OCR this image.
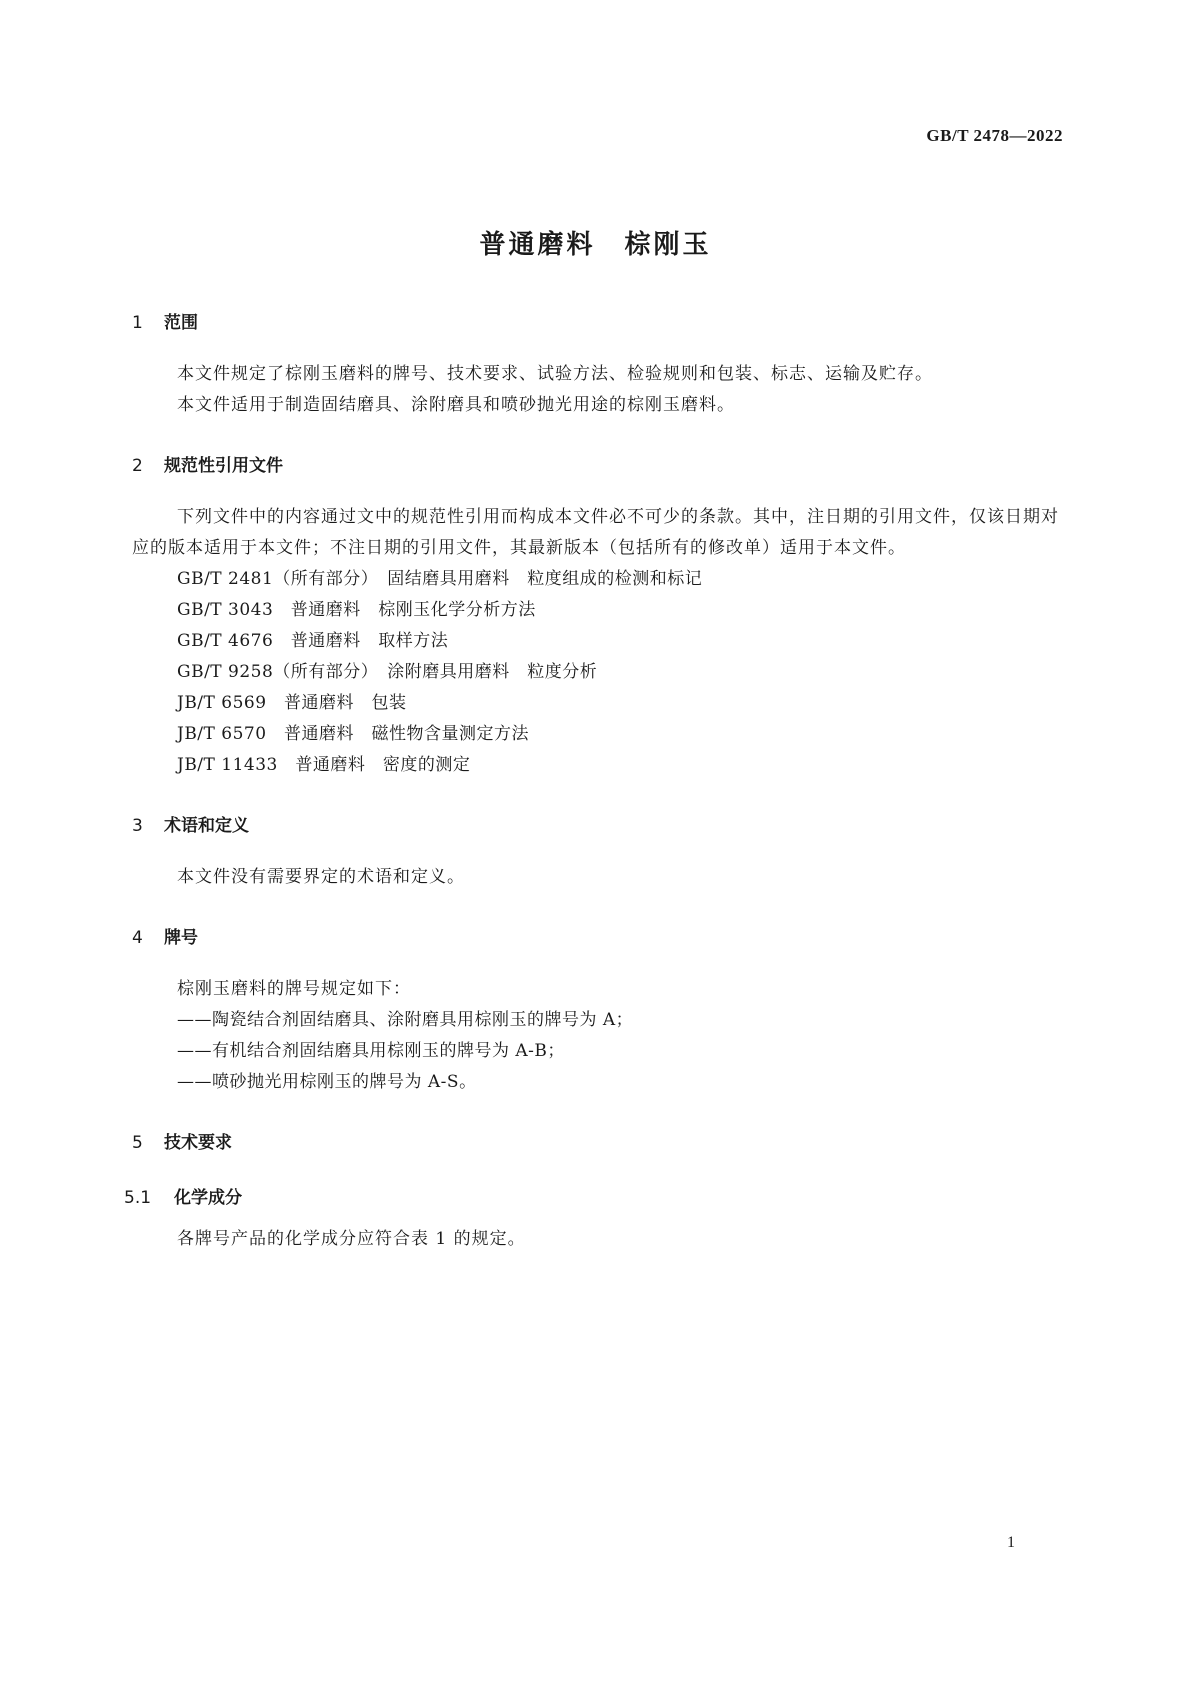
GB/T 2478—2022
普通磨料　棕刚玉
1	范围

本文件规定了棕刚玉磨料的牌号、技术要求、试验方法、检验规则和包装、标志、运输及贮存。

本文件适用于制造固结磨具、涂附磨具和喷砂抛光用途的棕刚玉磨料。

2	规范性引用文件

下列文件中的内容通过文中的规范性引用而构成本文件必不可少的条款。其中，注日期的引用文件，仅该日期对应的版本适用于本文件；不注日期的引用文件，其最新版本（包括所有的修改单）适用于本文件。

GB/T 2481（所有部分）　固结磨具用磨料　粒度组成的检测和标记

GB/T 3043　普通磨料　棕刚玉化学分析方法

GB/T 4676　普通磨料　取样方法

GB/T 9258（所有部分）　涂附磨具用磨料　粒度分析

JB/T 6569　普通磨料　包装

JB/T 6570　普通磨料　磁性物含量测定方法

JB/T 11433　普通磨料　密度的测定

3	术语和定义

本文件没有需要界定的术语和定义。

4	牌号

棕刚玉磨料的牌号规定如下：

——陶瓷结合剂固结磨具、涂附磨具用棕刚玉的牌号为 A；

——有机结合剂固结磨具用棕刚玉的牌号为 A-B；

——喷砂抛光用棕刚玉的牌号为 A-S。

5	技术要求
5.1	化学成分

各牌号产品的化学成分应符合表 1 的规定。

1
